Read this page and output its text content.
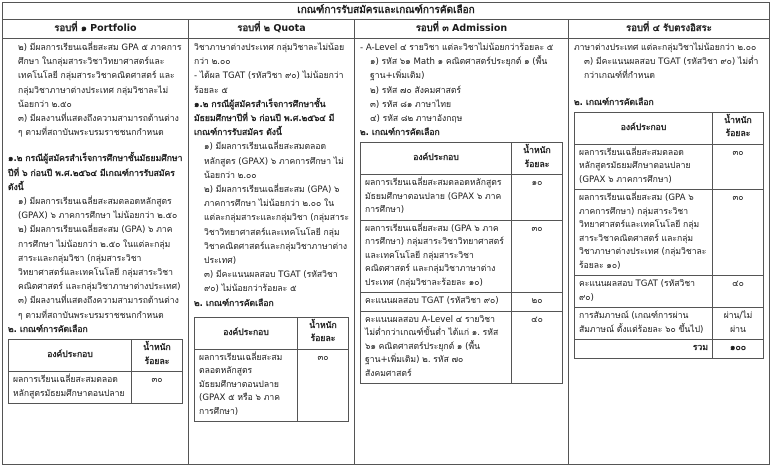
เกณฑ์การรับสมัครและเกณฑ์การคัดเลือก
รอบที่ ๑ Portfolio

๒) มีผลการเรียนเฉลี่ยสะสม GPA ๕ ภาคการศึกษา ในกลุ่มสาระวิชาวิทยาศาสตร์และเทคโนโลยี กลุ่มสาระวิชาคณิตศาสตร์ และกลุ่มวิชาภาษาต่างประเทศ กลุ่มวิชาละไม่น้อยกว่า ๒.๕๐

๓) มีผลงานที่แสดงถึงความสามารถด้านต่าง ๆ ตามที่สถาบันพระบรมราชชนกกำหนด

๑.๒ กรณีผู้สมัครสำเร็จการศึกษาชั้นมัธยมศึกษาปีที่ ๖ ก่อนปี พ.ศ.๒๕๖๔ มีเกณฑ์การรับสมัคร ดังนี้

๑) มีผลการเรียนเฉลี่ยสะสมตลอดหลักสูตร (GPAX) ๖ ภาคการศึกษา ไม่น้อยกว่า ๒.๕๐

๒) มีผลการเรียนเฉลี่ยสะสม (GPA) ๖ ภาคการศึกษา ไม่น้อยกว่า ๒.๕๐ ในแต่ละกลุ่มสาระและกลุ่มวิชา (กลุ่มสาระวิชาวิทยาศาสตร์และเทคโนโลยี กลุ่มสาระวิชาคณิตศาสตร์ และกลุ่มวิชาภาษาต่างประเทศ)

๓) มีผลงานที่แสดงถึงความสามารถด้านต่าง ๆ ตามที่สถาบันพระบรมราชชนกกำหนด

๒. เกณฑ์การคัดเลือก

องค์ประกอบ	น้ำหนักร้อยละ
ผลการเรียนเฉลี่ยสะสมตลอดหลักสูตรมัธยมศึกษาตอนปลาย	๓๐
รอบที่ ๒ Quota

วิชาภาษาต่างประเทศ กลุ่มวิชาละไม่น้อยกว่า ๒.๐๐

- ได้ผล TGAT (รหัสวิชา ๙๐) ไม่น้อยกว่าร้อยละ ๕

๑.๒ กรณีผู้สมัครสำเร็จการศึกษาชั้นมัธยมศึกษาปีที่ ๖ ก่อนปี พ.ศ.๒๕๖๔ มีเกณฑ์การรับสมัคร ดังนี้

๑) มีผลการเรียนเฉลี่ยสะสมตลอดหลักสูตร (GPAX) ๖ ภาคการศึกษา ไม่น้อยกว่า ๒.๐๐

๒) มีผลการเรียนเฉลี่ยสะสม (GPA) ๖ ภาคการศึกษา ไม่น้อยกว่า ๒.๐๐ ในแต่ละกลุ่มสาระและกลุ่มวิชา (กลุ่มสาระวิชาวิทยาศาสตร์และเทคโนโลยี กลุ่มวิชาคณิตศาสตร์และกลุ่มวิชาภาษาต่างประเทศ)

๓) มีคะแนนผลสอบ TGAT (รหัสวิชา ๙๐) ไม่น้อยกว่าร้อยละ ๕

๒. เกณฑ์การคัดเลือก

องค์ประกอบ	น้ำหนักร้อยละ
ผลการเรียนเฉลี่ยสะสมตลอดหลักสูตรมัธยมศึกษาตอนปลาย (GPAX ๕ หรือ ๖ ภาคการศึกษา)	๓๐
รอบที่ ๓ Admission

- A-Level ๔ รายวิชา แต่ละวิชาไม่น้อยกว่าร้อยละ ๕

๑) รหัส ๖๑ Math ๑ คณิตศาสตร์ประยุกต์ ๑ (พื้นฐาน+เพิ่มเติม)

๒) รหัส ๗๐ สังคมศาสตร์

๓) รหัส ๘๑ ภาษาไทย

๔) รหัส ๘๒ ภาษาอังกฤษ

๒. เกณฑ์การคัดเลือก

องค์ประกอบ	น้ำหนักร้อยละ
ผลการเรียนเฉลี่ยสะสมตลอดหลักสูตรมัธยมศึกษาตอนปลาย (GPAX ๖ ภาคการศึกษา)	๑๐
ผลการเรียนเฉลี่ยสะสม (GPA ๖ ภาคการศึกษา) กลุ่มสาระวิชาวิทยาศาสตร์และเทคโนโลยี กลุ่มสาระวิชาคณิตศาสตร์ และกลุ่มวิชาภาษาต่างประเทศ (กลุ่มวิชาละร้อยละ ๑๐)	๓๐
คะแนนผลสอบ TGAT (รหัสวิชา ๙๐)	๒๐
คะแนนผลสอบ A-Level ๔ รายวิชา ไม่ต่ำกว่าเกณฑ์ขั้นต่ำ ได้แก่ ๑. รหัส ๖๑ คณิตศาสตร์ประยุกต์ ๑ (พื้นฐาน+เพิ่มเติม) ๒. รหัส ๗๐ สังคมศาสตร์	๔๐
รอบที่ ๔ รับตรงอิสระ

ภาษาต่างประเทศ แต่ละกลุ่มวิชาไม่น้อยกว่า ๒.๐๐

๓) มีคะแนนผลสอบ TGAT (รหัสวิชา ๙๐) ไม่ต่ำกว่าเกณฑ์ที่กำหนด

๒. เกณฑ์การคัดเลือก

องค์ประกอบ	น้ำหนักร้อยละ
ผลการเรียนเฉลี่ยสะสมตลอดหลักสูตรมัธยมศึกษาตอนปลาย (GPAX ๖ ภาคการศึกษา)	๓๐
ผลการเรียนเฉลี่ยสะสม (GPA ๖ ภาคการศึกษา) กลุ่มสาระวิชาวิทยาศาสตร์และเทคโนโลยี กลุ่มสาระวิชาคณิตศาสตร์ และกลุ่มวิชาภาษาต่างประเทศ (กลุ่มวิชาละร้อยละ ๑๐)	๓๐
คะแนนผลสอบ TGAT (รหัสวิชา ๙๐)	๔๐
การสัมภาษณ์ (เกณฑ์การผ่านสัมภาษณ์ ตั้งแต่ร้อยละ ๖๐ ขึ้นไป)	ผ่าน/ไม่ผ่าน
รวม	๑๐๐
